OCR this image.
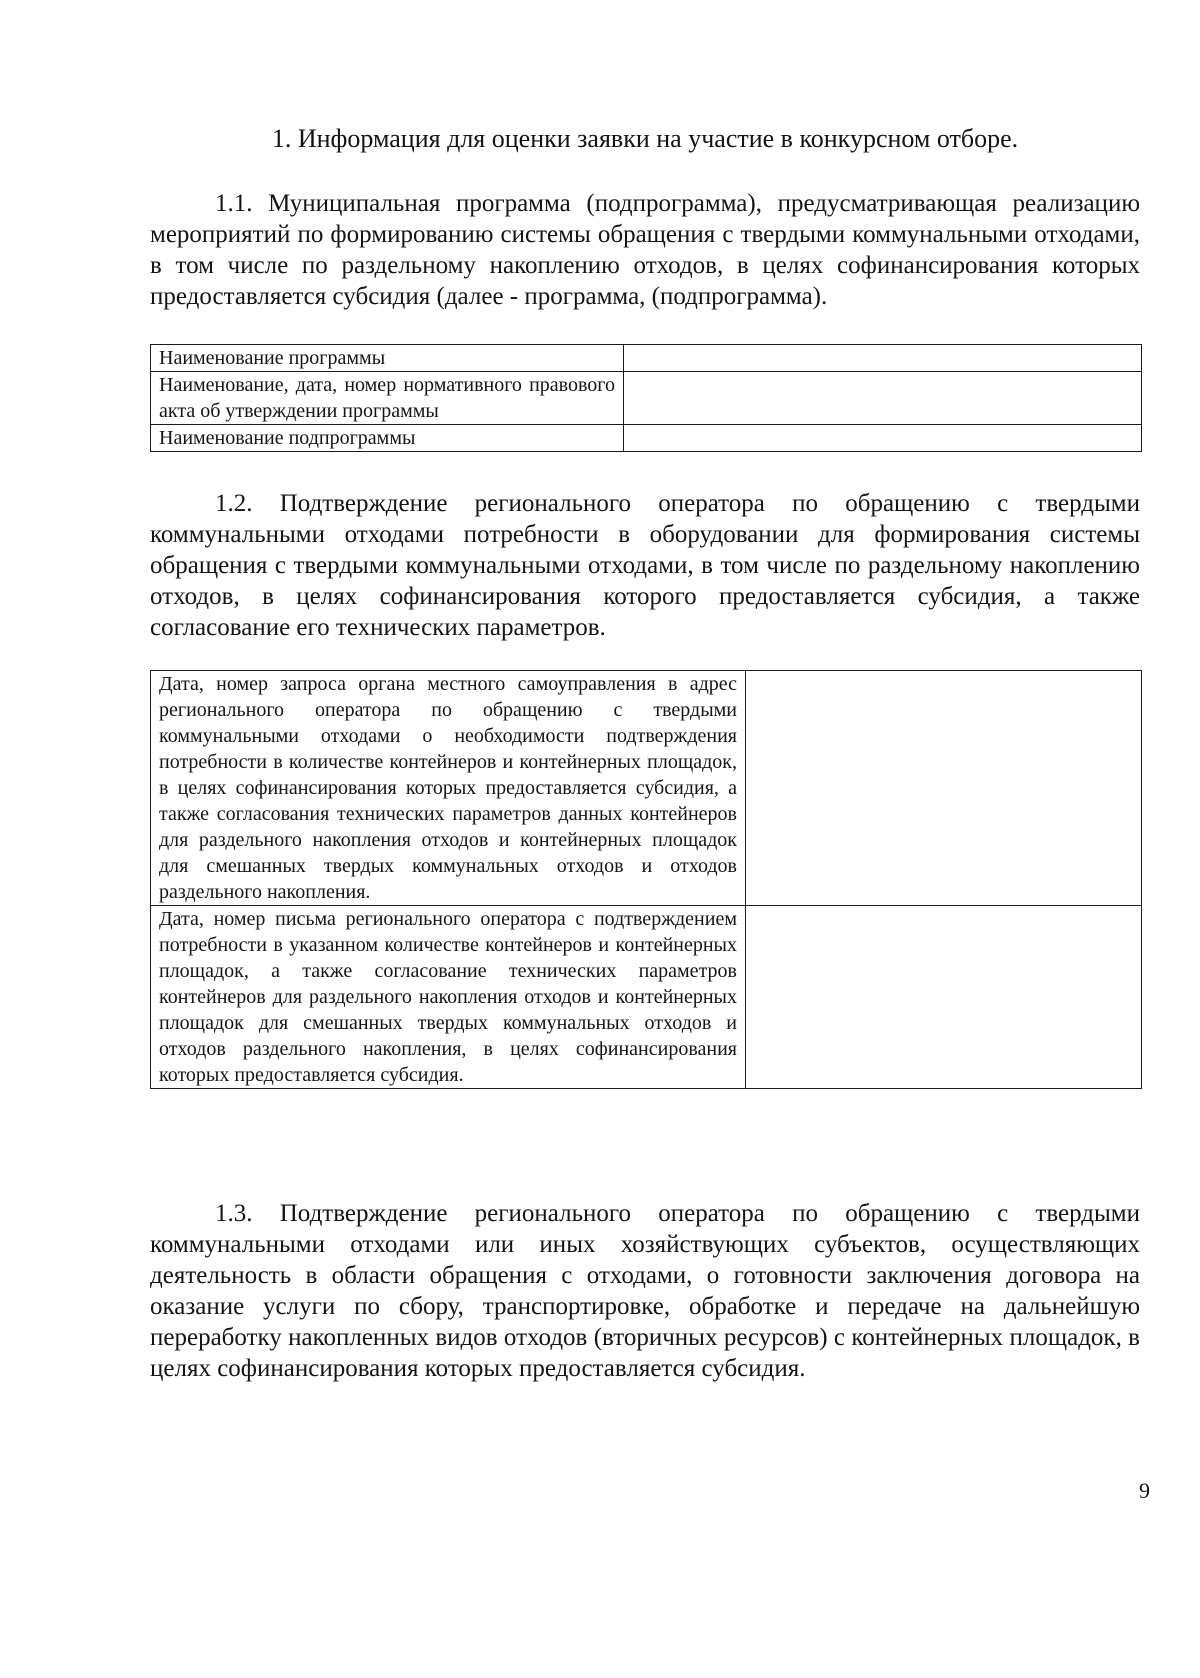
1. Информация для оценки заявки на участие в конкурсном отборе.
1.1. Муниципальная программа (подпрограмма), предусматривающая реализацию мероприятий по формированию системы обращения с твердыми коммунальными отходами, в том числе по раздельному накоплению отходов, в целях софинансирования которых предоставляется субсидия (далее - программа, (подпрограмма).
Наименование программы	
Наименование, дата, номер нормативного правового акта об утверждении программы	
Наименование подпрограммы	
1.2. Подтверждение регионального оператора по обращению с твердыми коммунальными отходами потребности в оборудовании для формирования системы обращения с твердыми коммунальными отходами, в том числе по раздельному накоплению отходов, в целях софинансирования которого предоставляется субсидия, а также согласование его технических параметров.
Дата, номер запроса органа местного самоуправления в адрес регионального оператора по обращению с твердыми коммунальными отходами о необходимости подтверждения потребности в количестве контейнеров и контейнерных площадок, в целях софинансирования которых предоставляется субсидия, а также согласования технических параметров данных контейнеров для раздельного накопления отходов и контейнерных площадок для смешанных твердых коммунальных отходов и отходов раздельного накопления.	
Дата, номер письма регионального оператора с подтверждением потребности в указанном количестве контейнеров и контейнерных площадок, а также согласование технических параметров контейнеров для раздельного накопления отходов и контейнерных площадок для смешанных твердых коммунальных отходов и отходов раздельного накопления, в целях софинансирования которых предоставляется субсидия.	
1.3. Подтверждение регионального оператора по обращению с твердыми коммунальными отходами или иных хозяйствующих субъектов, осуществляющих деятельность в области обращения с отходами, о готовности заключения договора на оказание услуги по сбору, транспортировке, обработке и передаче на дальнейшую переработку накопленных видов отходов (вторичных ресурсов) с контейнерных площадок, в целях софинансирования которых предоставляется субсидия.
9
